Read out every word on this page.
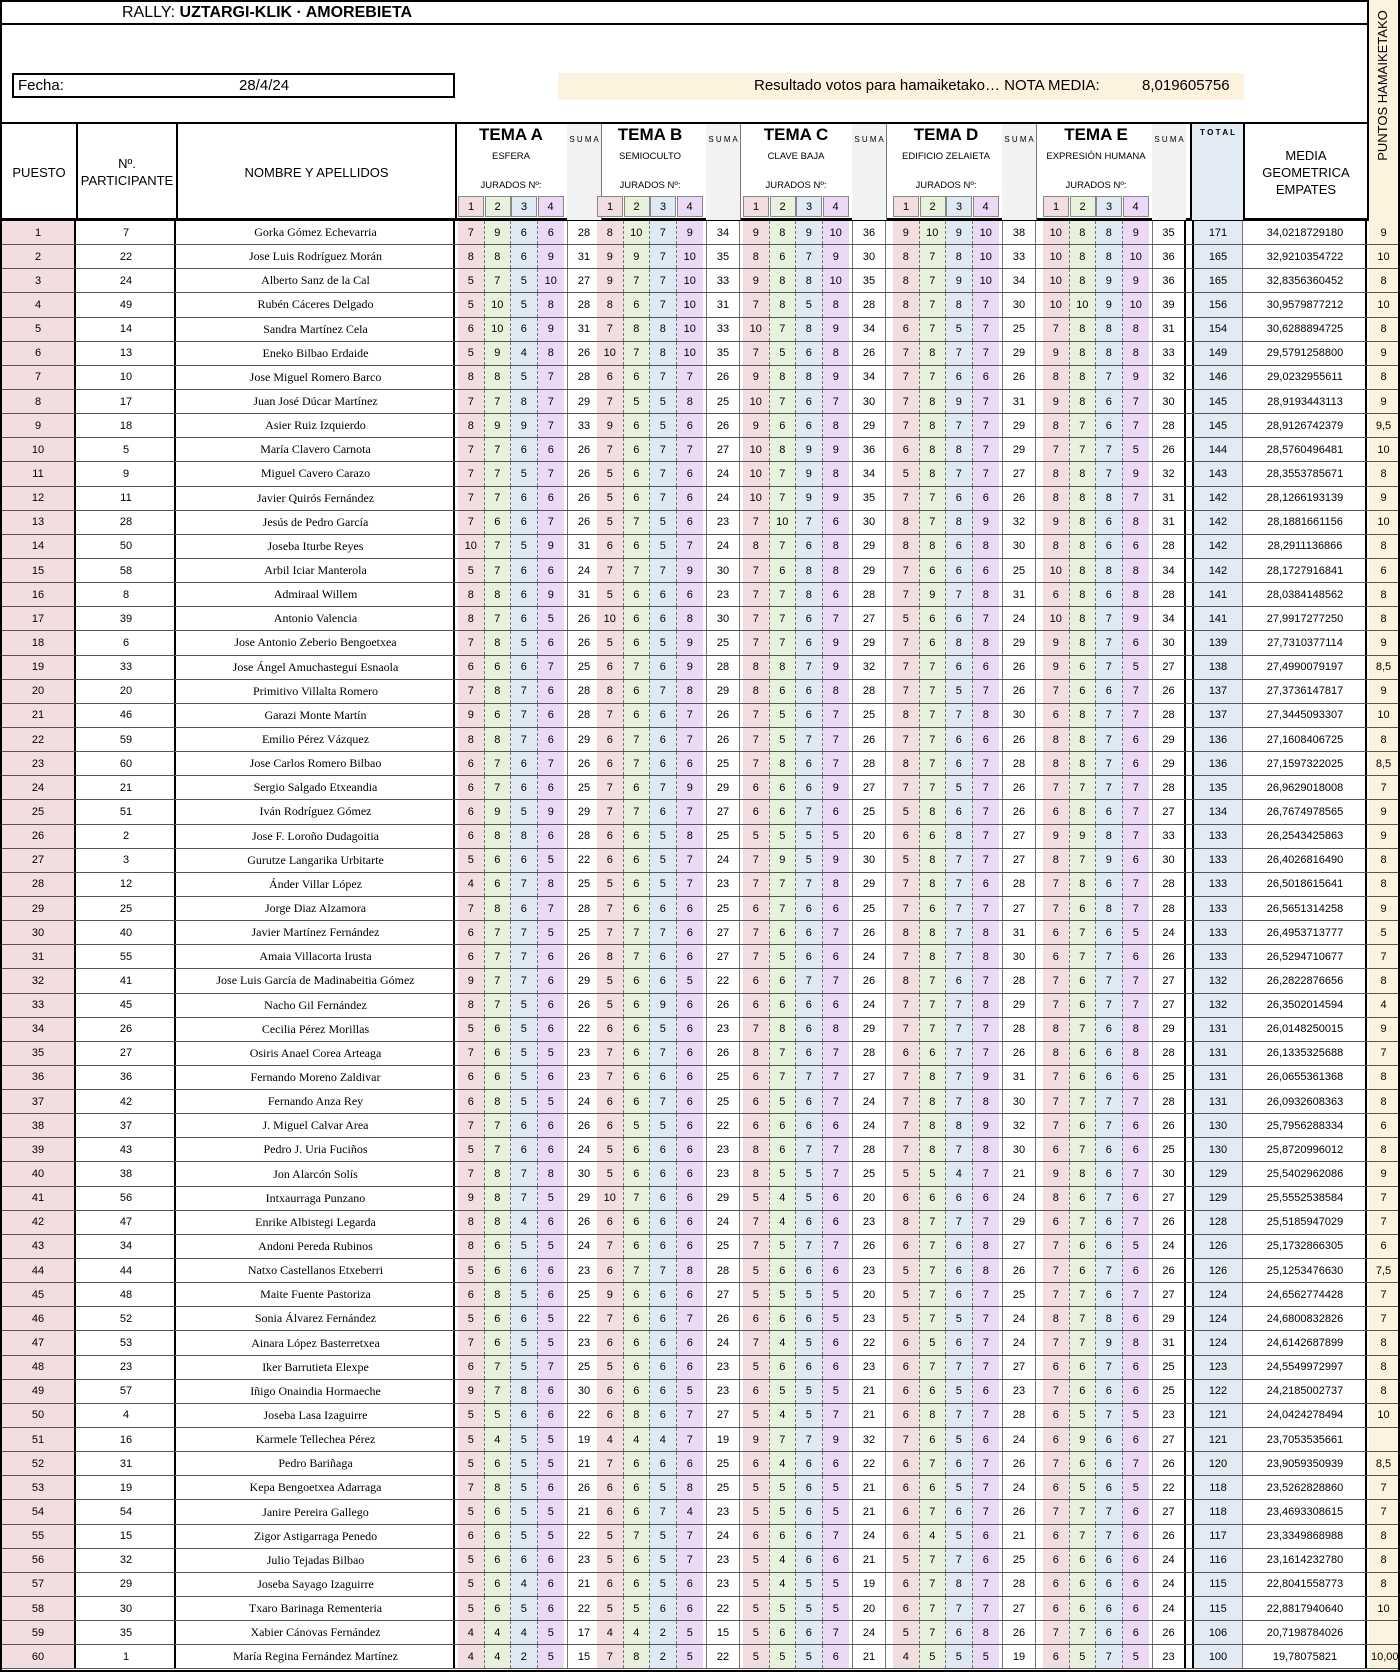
RALLY: UZTARGI-KLIK · AMOREBIETA
Fecha:	28/4/24	Resultado votos para hamaiketako… NOTA MEDIA:	8,019605756
PUESTO
Nº.
PARTICIPANTE
NOMBRE Y APELLIDOS
TEMA A
ESFERA
JURADOS Nº:
1	2	3	4
S U M A	TEMA B
SEMIOCULTO
JURADOS Nº:
1	2	3	4
S U M A	TEMA C
CLAVE BAJA
JURADOS Nº:
1	2	3	4
S U M A	TEMA D
EDIFICIO ZELAIETA
JURADOS Nº:
1	2	3	4
S U M A	TEMA E
EXPRESIÓN HUMANA
JURADOS Nº:
1	2	3	4
S U M A
T O T A L
MEDIA
GEOMETRICA
EMPATES
PUNTOS HAMAIKETAKO
1	7	Gorka Gómez Echevarria	7	9	6	6	28	8	10	7	9	34	9	8	9	10	36	9	10	9	10	38	10	8	8	9	35	171	34,0218729180	9
2	22	Jose Luis Rodríguez Morán	8	8	6	9	31	9	9	7	10	35	8	6	7	9	30	8	7	8	10	33	10	8	8	10	36	165	32,9210354722	10
3	24	Alberto Sanz de la Cal	5	7	5	10	27	9	7	7	10	33	9	8	8	10	35	8	7	9	10	34	10	8	9	9	36	165	32,8356360452	8
4	49	Rubén Cáceres Delgado	5	10	5	8	28	8	6	7	10	31	7	8	5	8	28	8	7	8	7	30	10	10	9	10	39	156	30,9579877212	10
5	14	Sandra Martínez Cela	6	10	6	9	31	7	8	8	10	33	10	7	8	9	34	6	7	5	7	25	7	8	8	8	31	154	30,6288894725	8
6	13	Eneko Bilbao Erdaide	5	9	4	8	26	10	7	8	10	35	7	5	6	8	26	7	8	7	7	29	9	8	8	8	33	149	29,5791258800	9
7	10	Jose Miguel Romero Barco	8	8	5	7	28	6	6	7	7	26	9	8	8	9	34	7	7	6	6	26	8	8	7	9	32	146	29,0232955611	8
8	17	Juan José Dúcar Martínez	7	7	8	7	29	7	5	5	8	25	10	7	6	7	30	7	8	9	7	31	9	8	6	7	30	145	28,9193443113	9
9	18	Asier Ruiz Izquierdo	8	9	9	7	33	9	6	5	6	26	9	6	6	8	29	7	8	7	7	29	8	7	6	7	28	145	28,9126742379	9,5
10	5	María Clavero Carnota	7	7	6	6	26	7	6	7	7	27	10	8	9	9	36	6	8	8	7	29	7	7	7	5	26	144	28,5760496481	10
11	9	Miguel Cavero Carazo	7	7	5	7	26	5	6	7	6	24	10	7	9	8	34	5	8	7	7	27	8	8	7	9	32	143	28,3553785671	8
12	11	Javier Quirós Fernández	7	7	6	6	26	5	6	7	6	24	10	7	9	9	35	7	7	6	6	26	8	8	8	7	31	142	28,1266193139	9
13	28	Jesús de Pedro García	7	6	6	7	26	5	7	5	6	23	7	10	7	6	30	8	7	8	9	32	9	8	6	8	31	142	28,1881661156	10
14	50	Joseba Iturbe Reyes	10	7	5	9	31	6	6	5	7	24	8	7	6	8	29	8	8	6	8	30	8	8	6	6	28	142	28,2911136866	8
15	58	Arbil Iciar Manterola	5	7	6	6	24	7	7	7	9	30	7	6	8	8	29	7	6	6	6	25	10	8	8	8	34	142	28,1727916841	6
16	8	Admiraal Willem	8	8	6	9	31	5	6	6	6	23	7	7	8	6	28	7	9	7	8	31	6	8	6	8	28	141	28,0384148562	8
17	39	Antonio Valencia	8	7	6	5	26	10	6	6	8	30	7	7	6	7	27	5	6	6	7	24	10	8	7	9	34	141	27,9917277250	8
18	6	Jose Antonio Zeberio Bengoetxea	7	8	5	6	26	5	6	5	9	25	7	7	6	9	29	7	6	8	8	29	9	8	7	6	30	139	27,7310377114	9
19	33	Jose Ángel Amuchastegui Esnaola	6	6	6	7	25	6	7	6	9	28	8	8	7	9	32	7	7	6	6	26	9	6	7	5	27	138	27,4990079197	8,5
20	20	Primitivo Villalta Romero	7	8	7	6	28	8	6	7	8	29	8	6	6	8	28	7	7	5	7	26	7	6	6	7	26	137	27,3736147817	9
21	46	Garazi Monte Martín	9	6	7	6	28	7	6	6	7	26	7	5	6	7	25	8	7	7	8	30	6	8	7	7	28	137	27,3445093307	10
22	59	Emilio Pérez Vázquez	8	8	7	6	29	6	7	6	7	26	7	5	7	7	26	7	7	6	6	26	8	8	7	6	29	136	27,1608406725	8
23	60	Jose Carlos Romero Bilbao	6	7	6	7	26	6	7	6	6	25	7	8	6	7	28	8	7	6	7	28	8	8	7	6	29	136	27,1597322025	8,5
24	21	Sergio Salgado Etxeandia	6	7	6	6	25	7	6	7	9	29	6	6	6	9	27	7	7	5	7	26	7	7	7	7	28	135	26,9629018008	7
25	51	Iván Rodríguez Gómez	6	9	5	9	29	7	7	6	7	27	6	6	7	6	25	5	8	6	7	26	6	8	6	7	27	134	26,7674978565	9
26	2	Jose F. Loroño Dudagoitia	6	8	8	6	28	6	6	5	8	25	5	5	5	5	20	6	6	8	7	27	9	9	8	7	33	133	26,2543425863	9
27	3	Gurutze Langarika Urbitarte	5	6	6	5	22	6	6	5	7	24	7	9	5	9	30	5	8	7	7	27	8	7	9	6	30	133	26,4026816490	8
28	12	Ánder Villar López	4	6	7	8	25	5	6	5	7	23	7	7	7	8	29	7	8	7	6	28	7	8	6	7	28	133	26,5018615641	8
29	25	Jorge Diaz Alzamora	7	8	6	7	28	7	6	6	6	25	6	7	6	6	25	7	6	7	7	27	7	6	8	7	28	133	26,5651314258	9
30	40	Javier Martínez Fernández	6	7	7	5	25	7	7	7	6	27	7	6	6	7	26	8	8	7	8	31	6	7	6	5	24	133	26,4953713777	5
31	55	Amaia Villacorta Irusta	6	7	7	6	26	8	7	6	6	27	7	5	6	6	24	7	8	7	8	30	6	7	7	6	26	133	26,5294710677	7
32	41	Jose Luis García de Madinabeitia Gómez	9	7	7	6	29	5	6	6	5	22	6	6	7	7	26	8	7	6	7	28	7	6	7	7	27	132	26,2822876656	8
33	45	Nacho Gil Fernández	8	7	5	6	26	5	6	9	6	26	6	6	6	6	24	7	7	7	8	29	7	6	7	7	27	132	26,3502014594	4
34	26	Cecilia Pérez Morillas	5	6	5	6	22	6	6	5	6	23	7	8	6	8	29	7	7	7	7	28	8	7	6	8	29	131	26,0148250015	9
35	27	Osiris Anael Corea Arteaga	7	6	5	5	23	7	6	7	6	26	8	7	6	7	28	6	6	7	7	26	8	6	6	8	28	131	26,1335325688	7
36	36	Fernando Moreno Zaldivar	6	6	5	6	23	7	6	6	6	25	6	7	7	7	27	7	8	7	9	31	7	6	6	6	25	131	26,0655361368	8
37	42	Fernando Anza Rey	6	8	5	5	24	6	6	7	6	25	6	5	6	7	24	7	8	7	8	30	7	7	7	7	28	131	26,0932608363	8
38	37	J. Miguel Calvar Area	7	7	6	6	26	6	5	5	6	22	6	6	6	6	24	7	8	8	9	32	7	6	7	6	26	130	25,7956288334	6
39	43	Pedro J. Uria Fuciños	5	7	6	6	24	5	6	6	6	23	8	6	7	7	28	7	8	7	8	30	6	7	6	6	25	130	25,8720996012	8
40	38	Jon Alarcón Solís	7	8	7	8	30	5	6	6	6	23	8	5	5	7	25	5	5	4	7	21	9	8	6	7	30	129	25,5402962086	9
41	56	Intxaurraga Punzano	9	8	7	5	29	10	7	6	6	29	5	4	5	6	20	6	6	6	6	24	8	6	7	6	27	129	25,5552538584	7
42	47	Enrike Albistegi Legarda	8	8	4	6	26	6	6	6	6	24	7	4	6	6	23	8	7	7	7	29	6	7	6	7	26	128	25,5185947029	7
43	34	Andoni Pereda Rubinos	8	6	5	5	24	7	6	6	6	25	7	5	7	7	26	6	7	6	8	27	7	6	6	5	24	126	25,1732866305	6
44	44	Natxo Castellanos Etxeberri	5	6	6	6	23	6	7	7	8	28	5	6	6	6	23	5	7	6	8	26	7	6	7	6	26	126	25,1253476630	7,5
45	48	Maite Fuente Pastoriza	6	8	5	6	25	9	6	6	6	27	5	5	5	5	20	5	7	6	7	25	7	7	6	7	27	124	24,6562774428	7
46	52	Sonia Álvarez Fernández	5	6	6	5	22	7	6	6	7	26	6	6	6	5	23	5	7	5	7	24	8	7	8	6	29	124	24,6800832826	7
47	53	Ainara López Basterretxea	7	6	5	5	23	6	6	6	6	24	7	4	5	6	22	6	5	6	7	24	7	7	9	8	31	124	24,6142687899	8
48	23	Iker Barrutieta Elexpe	6	7	5	7	25	5	6	6	6	23	5	6	6	6	23	6	7	7	7	27	6	6	7	6	25	123	24,5549972997	8
49	57	Iñigo Onaindia Hormaeche	9	7	8	6	30	6	6	6	5	23	6	5	5	5	21	6	6	5	6	23	7	6	6	6	25	122	24,2185002737	8
50	4	Joseba Lasa Izaguirre	5	5	6	6	22	6	8	6	7	27	5	4	5	7	21	6	8	7	7	28	6	5	7	5	23	121	24,0424278494	10
51	16	Karmele Tellechea Pérez	5	4	5	5	19	4	4	4	7	19	9	7	7	9	32	7	6	5	6	24	6	9	6	6	27	121	23,7053535661
52	31	Pedro Bariñaga	5	6	5	5	21	7	6	6	6	25	6	4	6	6	22	6	7	6	7	26	7	6	6	7	26	120	23,9059350939	8,5
53	19	Kepa Bengoetxea Adarraga	7	8	5	6	26	6	6	5	8	25	5	5	6	5	21	6	6	5	7	24	6	5	6	5	22	118	23,5262828860	7
54	54	Janire Pereira Gallego	5	6	5	5	21	6	6	7	4	23	5	5	6	5	21	6	7	6	7	26	7	7	7	6	27	118	23,4693308615	7
55	15	Zigor Astigarraga Penedo	6	6	5	5	22	5	7	5	7	24	6	6	6	7	24	6	4	5	6	21	6	7	7	6	26	117	23,3349868988	8
56	32	Julio Tejadas Bilbao	5	6	6	6	23	5	6	5	7	23	5	4	6	6	21	5	7	7	6	25	6	6	6	6	24	116	23,1614232780	8
57	29	Joseba Sayago Izaguirre	5	6	4	6	21	6	6	5	6	23	5	4	5	5	19	6	7	8	7	28	6	6	6	6	24	115	22,8041558773	8
58	30	Txaro Barinaga Rementeria	5	6	5	6	22	5	5	6	6	22	5	5	5	5	20	6	7	7	7	27	6	6	6	6	24	115	22,8817940640	10
59	35	Xabier Cánovas Fernández	4	4	4	5	17	4	4	2	5	15	5	6	6	7	24	5	7	6	8	26	7	7	6	6	26	106	20,7198784026
60	1	María Regina Fernández Martínez	4	4	2	5	15	7	8	2	5	22	5	5	5	6	21	4	5	5	5	19	6	5	7	5	23	100	19,78075821	10,00
